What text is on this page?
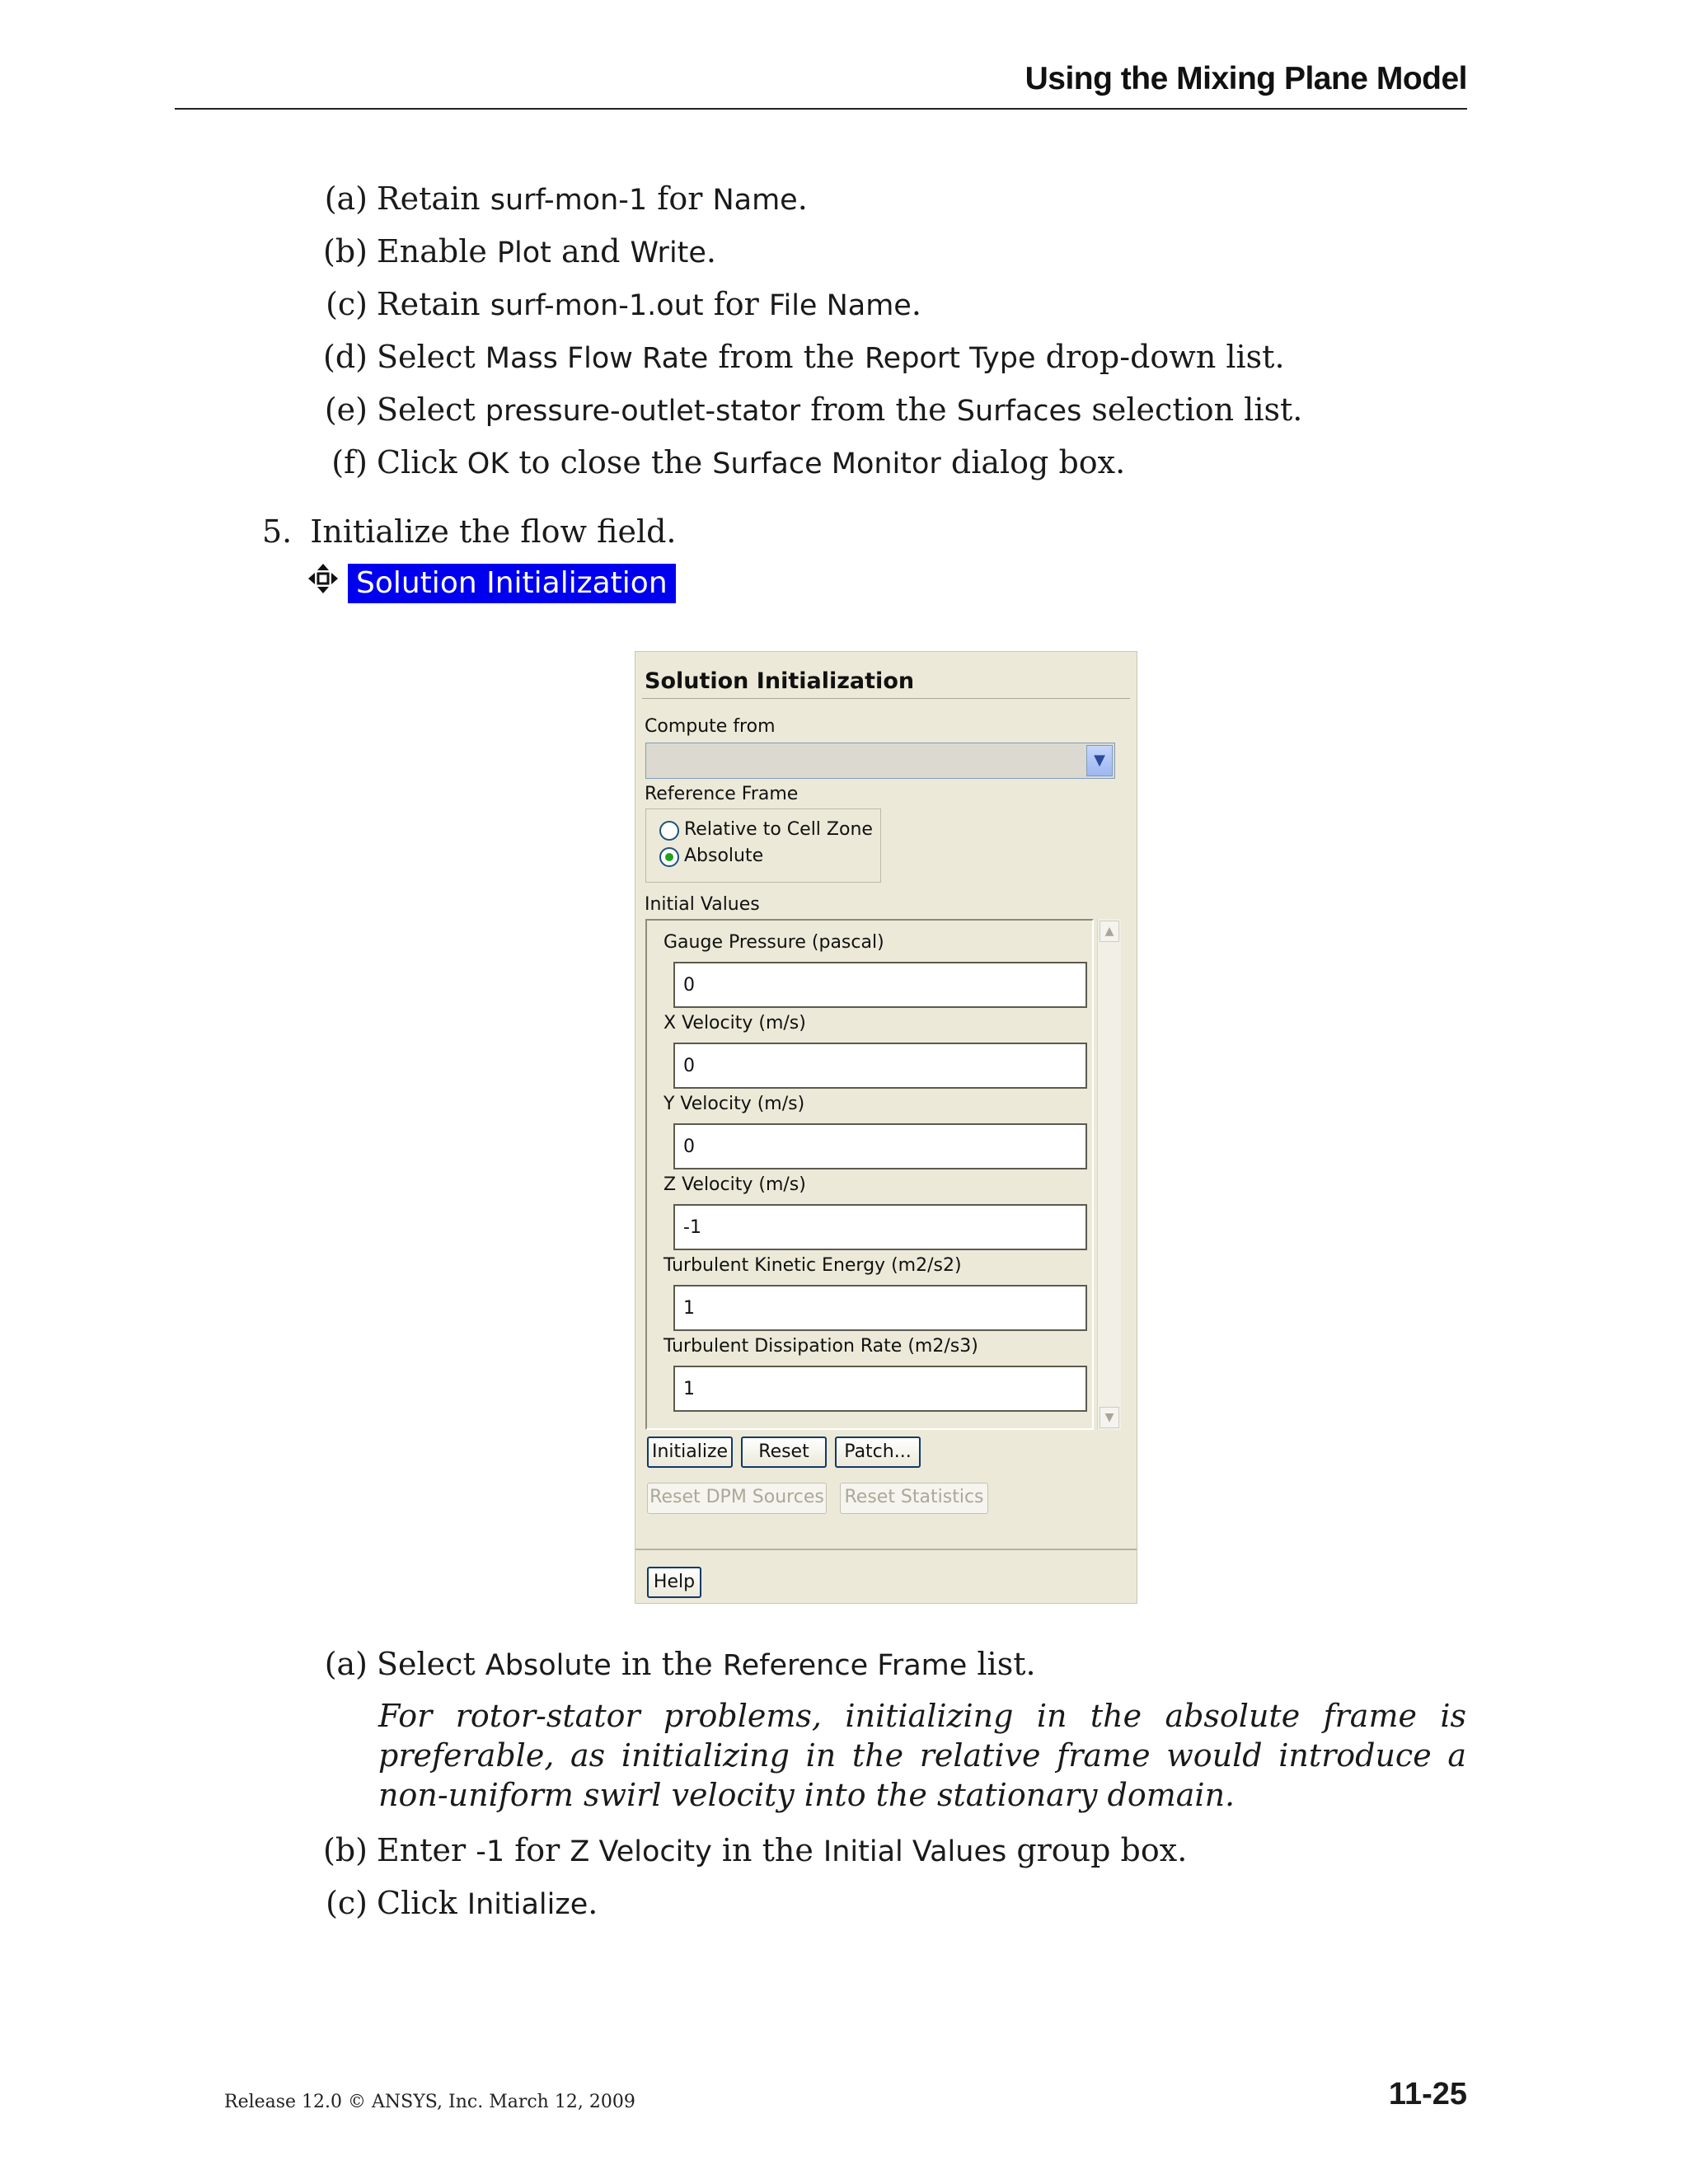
Using the Mixing Plane Model
(a) Retain surf-mon-1 for Name.
(b) Enable Plot and Write.
(c) Retain surf-mon-1.out for File Name.
(d) Select Mass Flow Rate from the Report Type drop-down list.
(e) Select pressure-outlet-stator from the Surfaces selection list.
(f) Click OK to close the Surface Monitor dialog box.
5. Initialize the flow field.
Solution Initialization
Solution Initialization
Compute from
▼
Reference Frame
Relative to Cell Zone
Absolute
Initial Values
Gauge Pressure (pascal)
0
X Velocity (m/s)
0
Y Velocity (m/s)
0
Z Velocity (m/s)
-1
Turbulent Kinetic Energy (m2/s2)
1
Turbulent Dissipation Rate (m2/s3)
1
▲
▼
Initialize	Reset	Patch...
Reset DPM Sources Reset Statistics
Help
(a) Select Absolute in the Reference Frame list.
(b) Enter -1 for Z Velocity in the Initial Values group box.
(c) Click Initialize.
For rotor-stator problems, initializing in the absolute frame is preferable, as initializing in the relative frame would introduce a non-uniform swirl velocity into the stationary domain.
Release 12.0 © ANSYS, Inc. March 12, 2009	11-25
